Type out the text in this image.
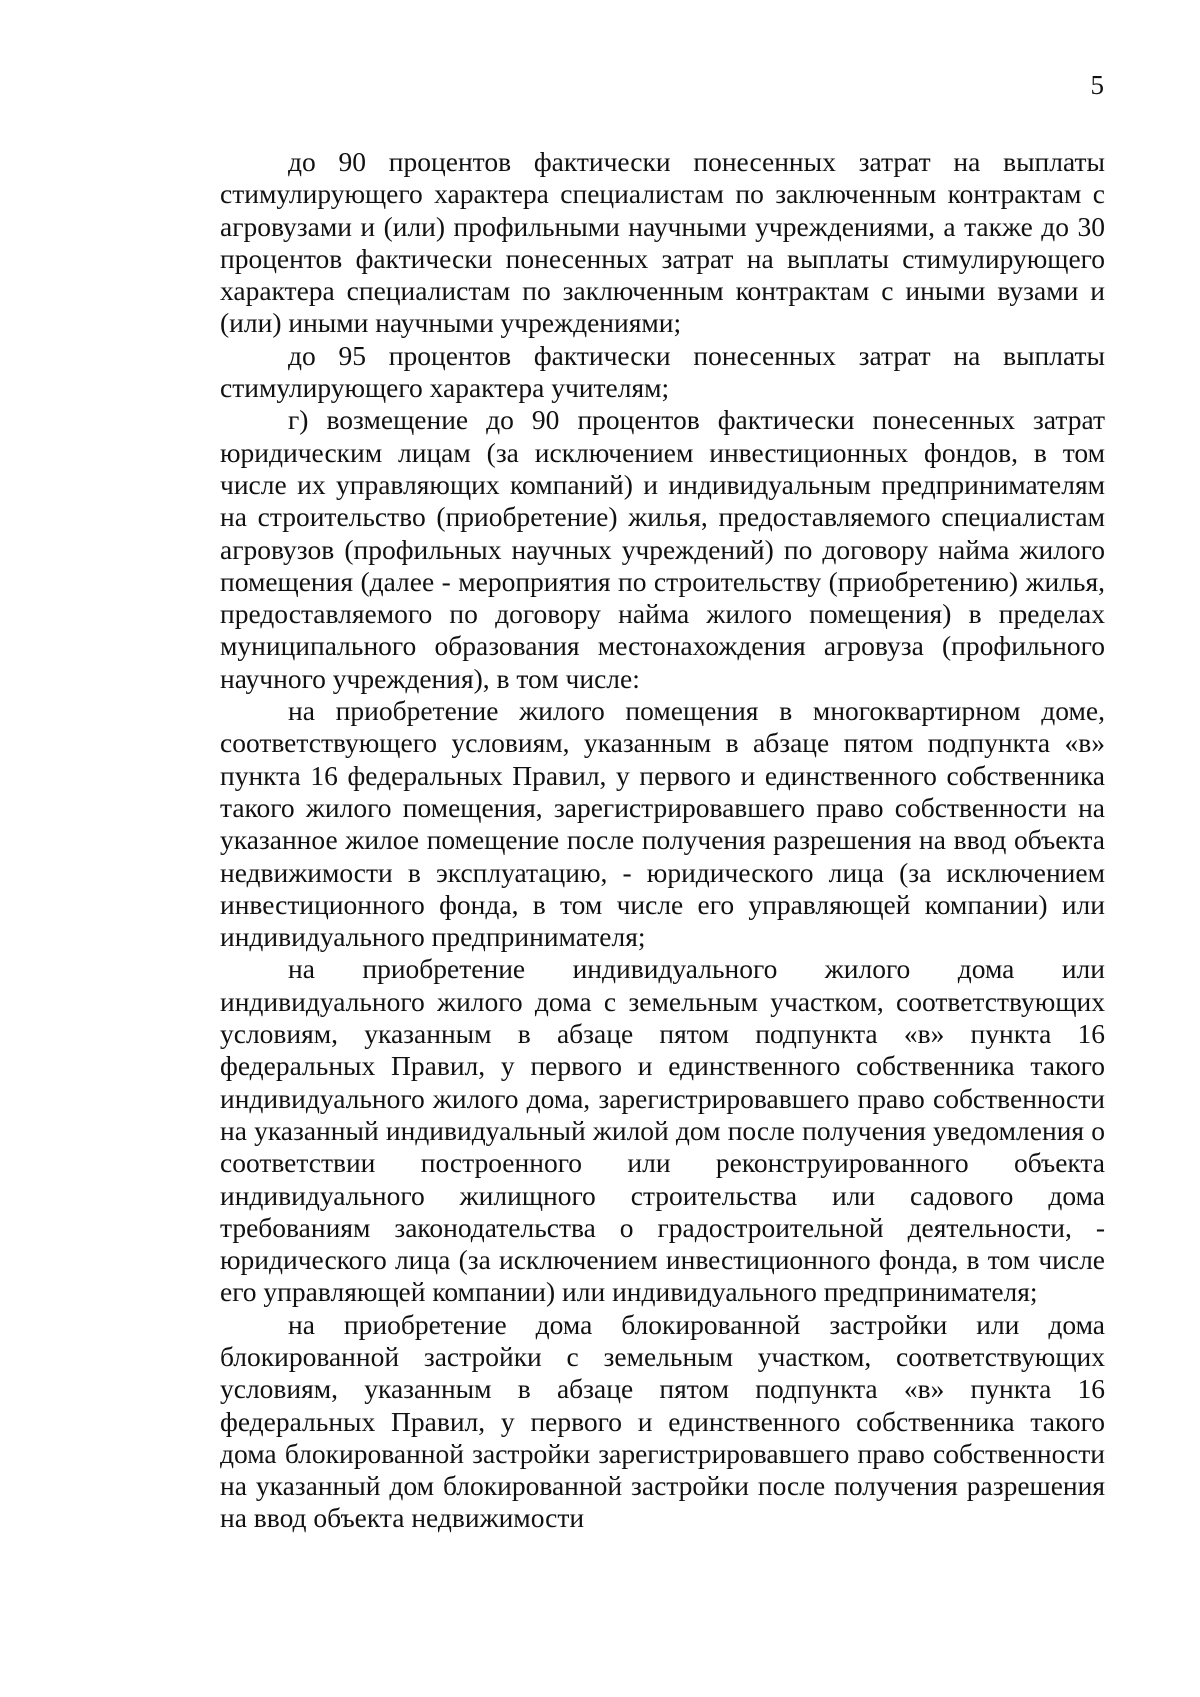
5

до 90 процентов фактически понесенных затрат на выплаты стимулирующего характера специалистам по заключенным контрактам с агровузами и (или) профильными научными учреждениями, а также до 30 процентов фактически понесенных затрат на выплаты стимулирующего характера специалистам по заключенным контрактам с иными вузами и (или) иными научными учреждениями;

до 95 процентов фактически понесенных затрат на выплаты стимулирующего характера учителям;

г) возмещение до 90 процентов фактически понесенных затрат юридическим лицам (за исключением инвестиционных фондов, в том числе их управляющих компаний) и индивидуальным предпринимателям на строительство (приобретение) жилья, предоставляемого специалистам агровузов (профильных научных учреждений) по договору найма жилого помещения (далее - мероприятия по строительству (приобретению) жилья, предоставляемого по договору найма жилого помещения) в пределах муниципального образования местонахождения агровуза (профильного научного учреждения), в том числе:

на приобретение жилого помещения в многоквартирном доме, соответствующего условиям, указанным в абзаце пятом подпункта «в» пункта 16 федеральных Правил, у первого и единственного собственника такого жилого помещения, зарегистрировавшего право собственности на указанное жилое помещение после получения разрешения на ввод объекта недвижимости в эксплуатацию, - юридического лица (за исключением инвестиционного фонда, в том числе его управляющей компании) или индивидуального предпринимателя;

на приобретение индивидуального жилого дома или индивидуального жилого дома с земельным участком, соответствующих условиям, указанным в абзаце пятом подпункта «в» пункта 16 федеральных Правил, у первого и единственного собственника такого индивидуального жилого дома, зарегистрировавшего право собственности на указанный индивидуальный жилой дом после получения уведомления о соответствии построенного или реконструированного объекта индивидуального жилищного строительства или садового дома требованиям законодательства о градостроительной деятельности, - юридического лица (за исключением инвестиционного фонда, в том числе его управляющей компании) или индивидуального предпринимателя;

на приобретение дома блокированной застройки или дома блокированной застройки с земельным участком, соответствующих условиям, указанным в абзаце пятом подпункта «в» пункта 16 федеральных Правил, у первого и единственного собственника такого дома блокированной застройки зарегистрировавшего право собственности на указанный дом блокированной застройки после получения разрешения на ввод объекта недвижимости
